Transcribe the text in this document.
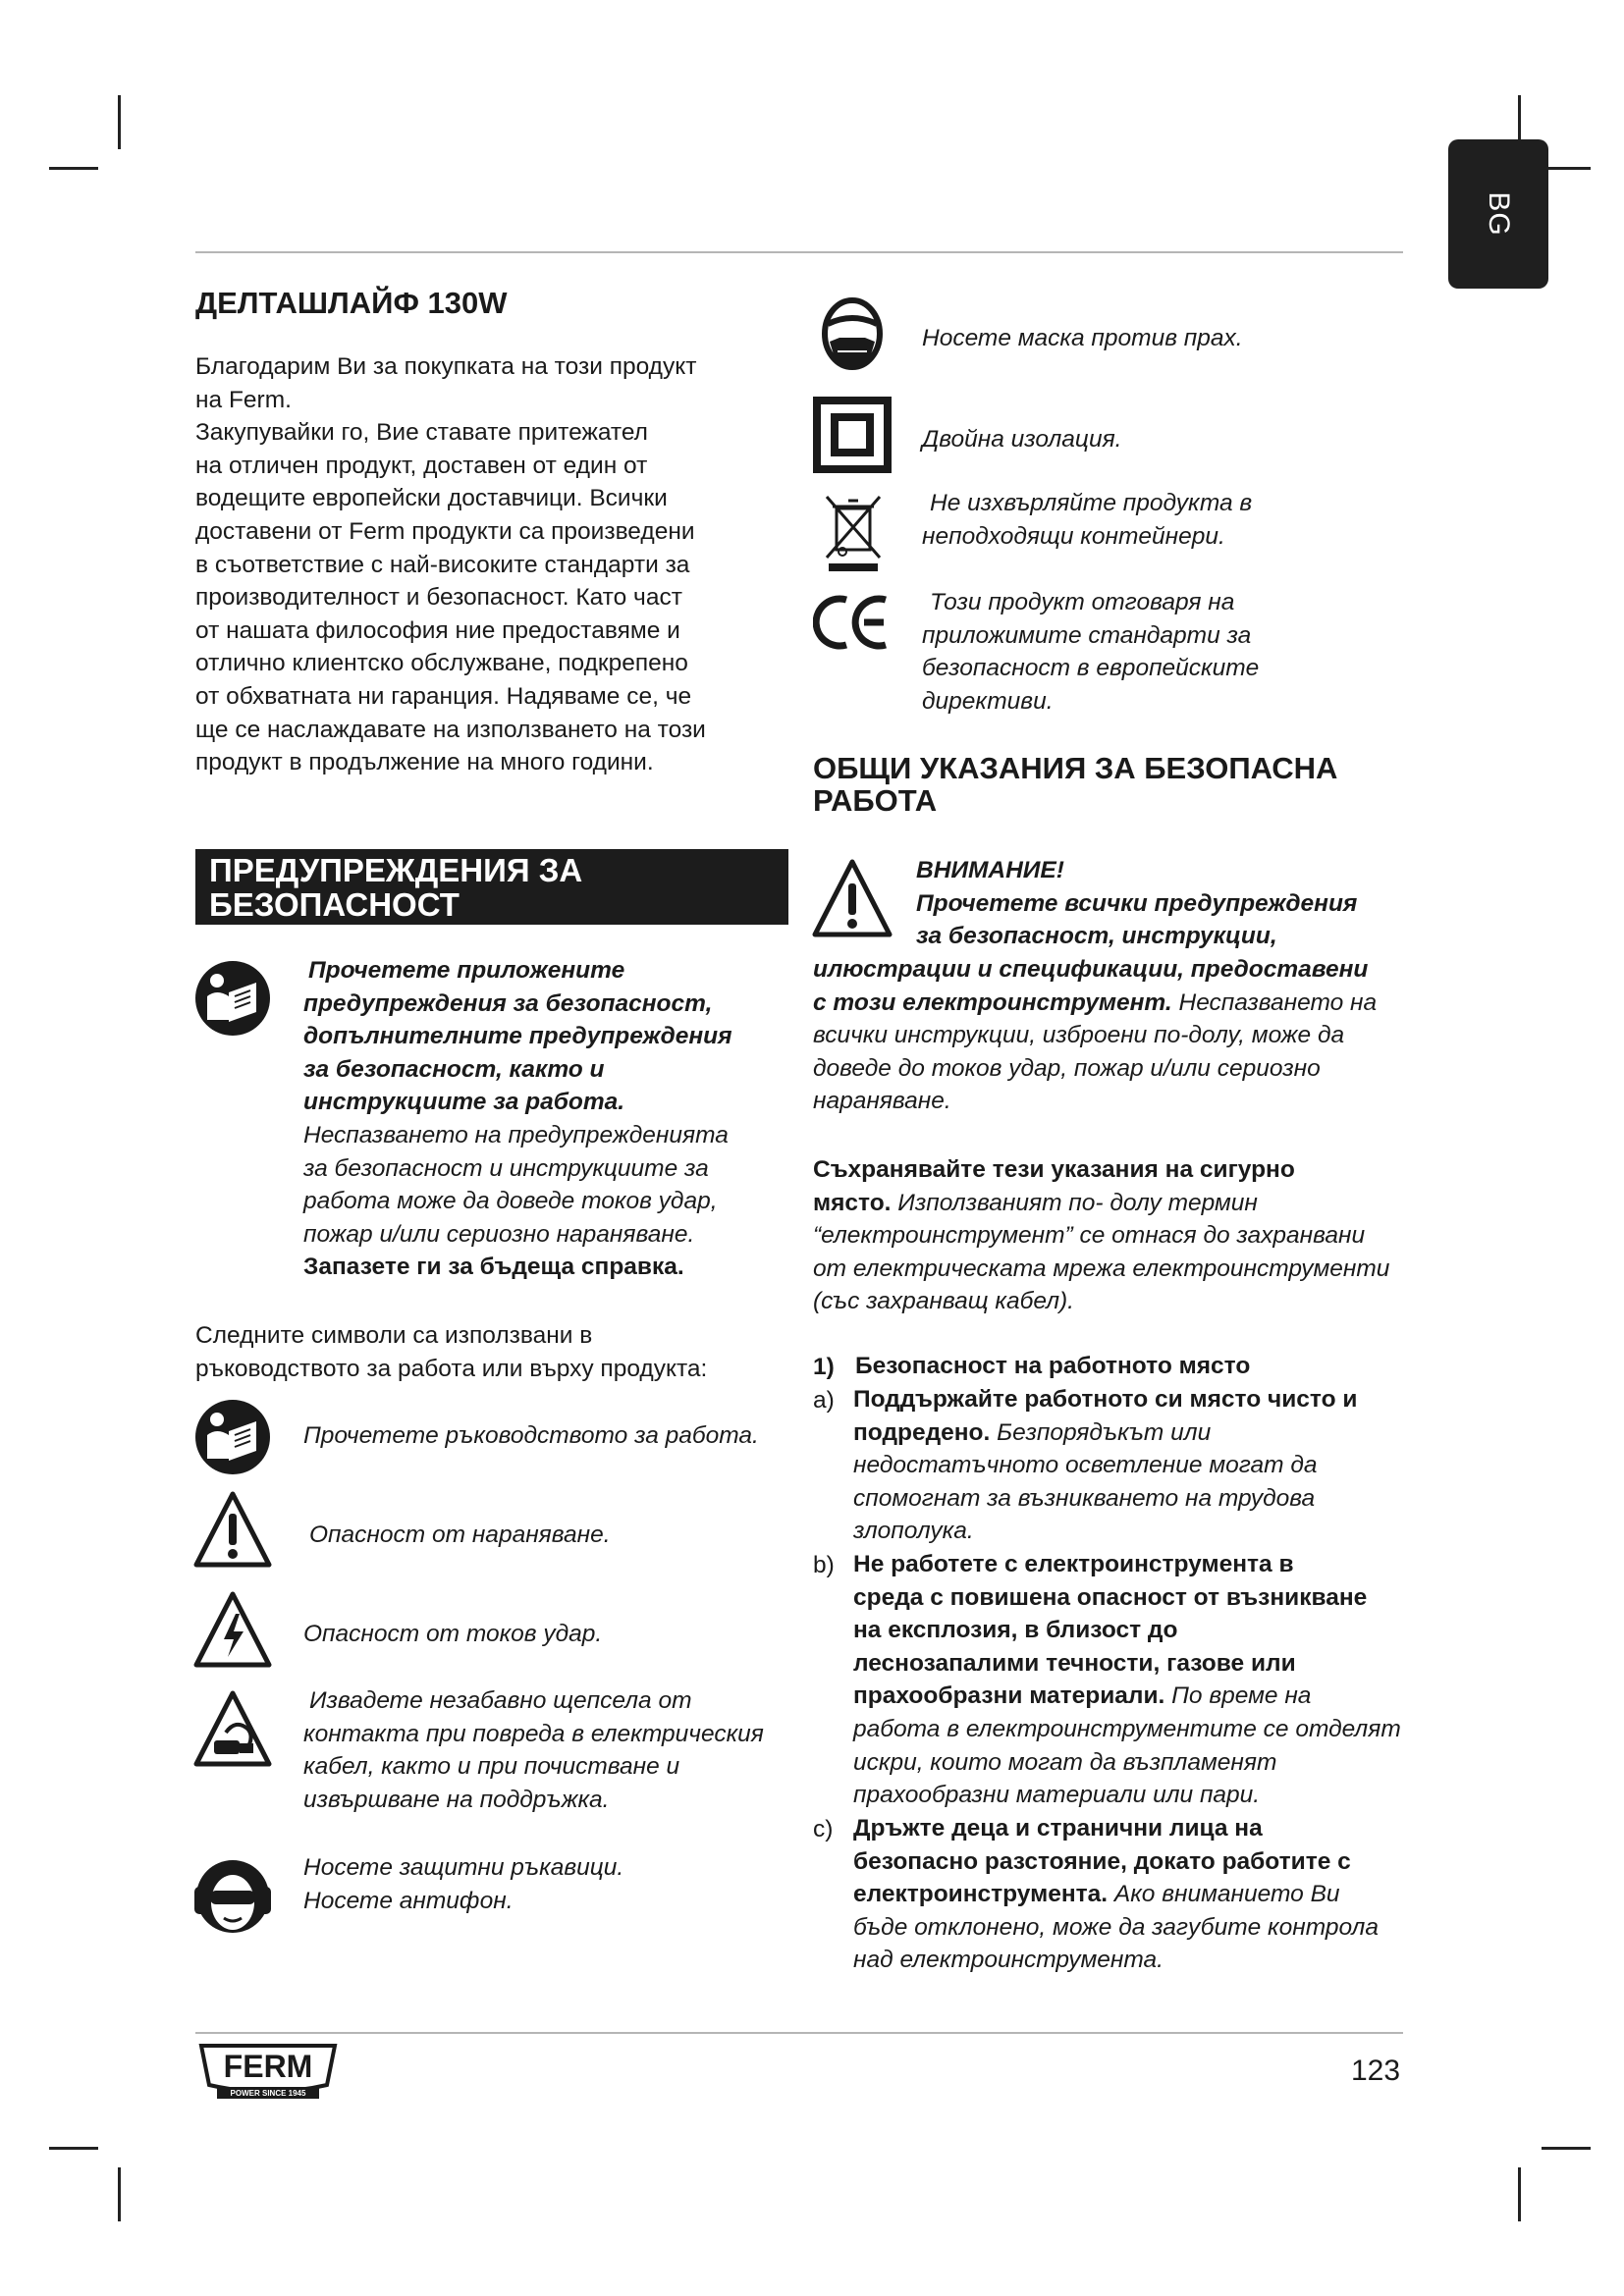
BG
ДЕЛТАШЛАЙФ 130W
Благодарим Ви за покупката на този продукт
на Ferm.
Закупувайки го, Вие ставате притежател
на отличен продукт, доставен от един от
водещите европейски доставчици. Всички
доставени от Ferm продукти са произведени
в съответствие с най-високите стандарти за
производителност и безопасност. Като част
от нашата философия ние предоставяме и
отлично клиентско обслужване, подкрепено
от обхватната ни гаранция. Надяваме се, че
ще се наслаждавате на използването на този
продукт в продължение на много години.
ПРЕДУПРЕЖДЕНИЯ ЗА
БЕЗОПАСНОСТ
Прочетете приложените
предупреждения за безопасност,
допълнителните предупреждения
за безопасност, както и
инструкциите за работа.
Неспазването на предупрежденията
за безопасност и инструкциите за
работа може да доведе токов удар,
пожар и/или сериозно нараняване.
Запазете ги за бъдеща справка.
Следните символи са използвани в
ръководството за работа или върху продукта:
Прочетете ръководството за работа.
Опасност от нараняване.
Опасност от токов удар.
Извадете незабавно щепсела от
контакта при повреда в електрическия
кабел, както и при почистване и
извършване на поддръжка.
Носете защитни ръкавици.
Носете антифон.
Носете маска против прах.
Двойна изолация.
Не изхвърляйте продукта в
неподходящи контейнери.
Този продукт отговаря на
приложимите стандарти за
безопасност в европейските
директиви.
ОБЩИ УКАЗАНИЯ ЗА БЕЗОПАСНА
РАБОТА
ВНИМАНИЕ!
Прочетете всички предупреждения
за безопасност, инструкции,
илюстрации и спецификации, предоставени
с този електроинструмент. Неспазването на
всички инструкции, изброени по-долу, може да
доведе до токов удар, пожар и/или сериозно
нараняване.
Съхранявайте тези указания на сигурно
място. Използваният по- долу термин
“електроинструмент” се отнася до захранвани
от електрическата мрежа електроинструменти
(със захранващ кабел).
1) Безопасност на работното място
a) Поддържайте работното си място чисто и
подредено. Безпорядъкът или
недостатъчното осветление могат да
спомогнат за възникването на трудова
злополука.
b) Не работете с електроинструмента в
среда с повишена опасност от възникване
на експлозия, в близост до
леснозапалими течности, газове или
прахообразни материали. По време на
работа в електроинструментите се отделят
искри, които могат да възпламенят
прахообразни материали или пари.
c) Дръжте деца и странични лица на
безопасно разстояние, докато работите с
електроинструмента. Ако вниманието Ви
бъде отклонено, може да загубите контрола
над електроинструмента.
FERM
POWER SINCE 1945
123
